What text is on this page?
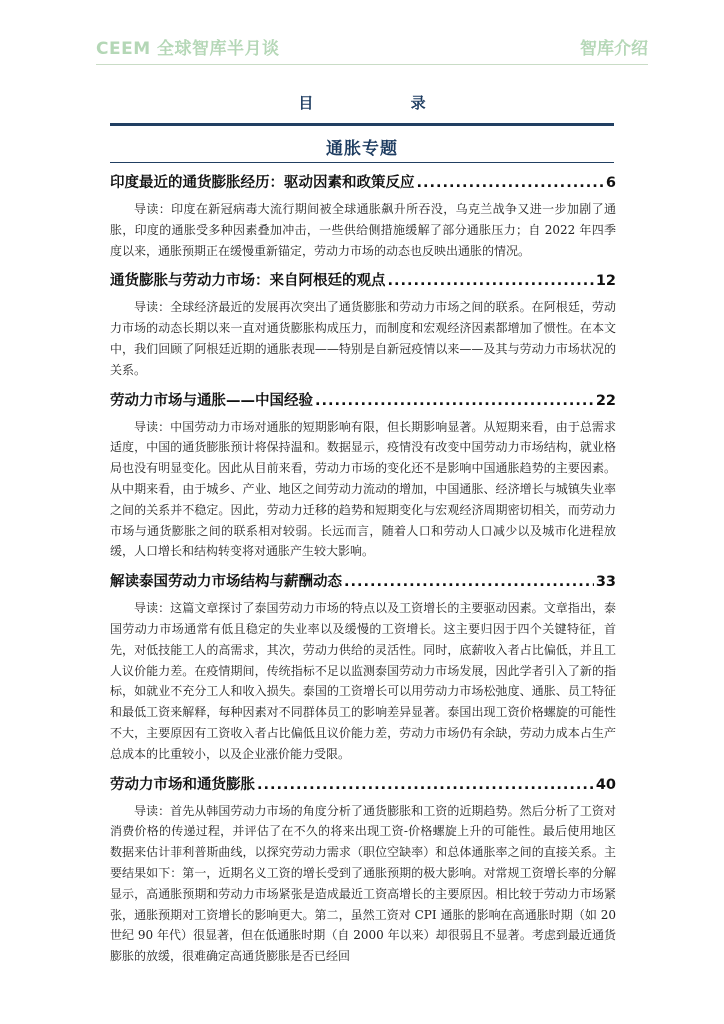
CEEM 全球智库半月谈	智库介绍
目 录
通胀专题
印度最近的通货膨胀经历：驱动因素和政策反应 .....	6

导读：印度在新冠病毒大流行期间被全球通胀飙升所吞没，乌克兰战争又进一步加剧了通胀，印度的通胀受多种因素叠加冲击，一些供给侧措施缓解了部分通胀压力；自 2022 年四季度以来，通胀预期正在缓慢重新锚定，劳动力市场的动态也反映出通胀的情况。

通货膨胀与劳动力市场：来自阿根廷的观点 .....	12

导读：全球经济最近的发展再次突出了通货膨胀和劳动力市场之间的联系。在阿根廷，劳动力市场的动态长期以来一直对通货膨胀构成压力，而制度和宏观经济因素都增加了惯性。在本文中，我们回顾了阿根廷近期的通胀表现——特别是自新冠疫情以来——及其与劳动力市场状况的关系。

劳动力市场与通胀——中国经验 .....	22

导读：中国劳动力市场对通胀的短期影响有限，但长期影响显著。从短期来看，由于总需求适度，中国的通货膨胀预计将保持温和。数据显示，疫情没有改变中国劳动力市场结构，就业格局也没有明显变化。因此从目前来看，劳动力市场的变化还不是影响中国通胀趋势的主要因素。从中期来看，由于城乡、产业、地区之间劳动力流动的增加，中国通胀、经济增长与城镇失业率之间的关系并不稳定。因此，劳动力迁移的趋势和短期变化与宏观经济周期密切相关，而劳动力市场与通货膨胀之间的联系相对较弱。长远而言，随着人口和劳动人口减少以及城市化进程放缓，人口增长和结构转变将对通胀产生较大影响。

解读泰国劳动力市场结构与薪酬动态 .....	33

导读：这篇文章探讨了泰国劳动力市场的特点以及工资增长的主要驱动因素。文章指出，泰国劳动力市场通常有低且稳定的失业率以及缓慢的工资增长。这主要归因于四个关键特征，首先，对低技能工人的高需求，其次，劳动力供给的灵活性。同时，底薪收入者占比偏低，并且工人议价能力差。在疫情期间，传统指标不足以监测泰国劳动力市场发展，因此学者引入了新的指标，如就业不充分工人和收入损失。泰国的工资增长可以用劳动力市场松弛度、通胀、员工特征和最低工资来解释，每种因素对不同群体员工的影响差异显著。泰国出现工资价格螺旋的可能性不大，主要原因有工资收入者占比偏低且议价能力差，劳动力市场仍有余缺，劳动力成本占生产总成本的比重较小，以及企业涨价能力受限。

劳动力市场和通货膨胀 .....	40

导读：首先从韩国劳动力市场的角度分析了通货膨胀和工资的近期趋势。然后分析了工资对消费价格的传递过程，并评估了在不久的将来出现工资-价格螺旋上升的可能性。最后使用地区数据来估计菲利普斯曲线，以探究劳动力需求（职位空缺率）和总体通胀率之间的直接关系。主要结果如下：第一，近期名义工资的增长受到了通胀预期的极大影响。对常规工资增长率的分解显示，高通胀预期和劳动力市场紧张是造成最近工资高增长的主要原因。相比较于劳动力市场紧张，通胀预期对工资增长的影响更大。第二，虽然工资对 CPI 通胀的影响在高通胀时期（如 20 世纪 90 年代）很显著，但在低通胀时期（自 2000 年以来）却很弱且不显著。考虑到最近通货膨胀的放缓，很难确定高通货膨胀是否已经回
